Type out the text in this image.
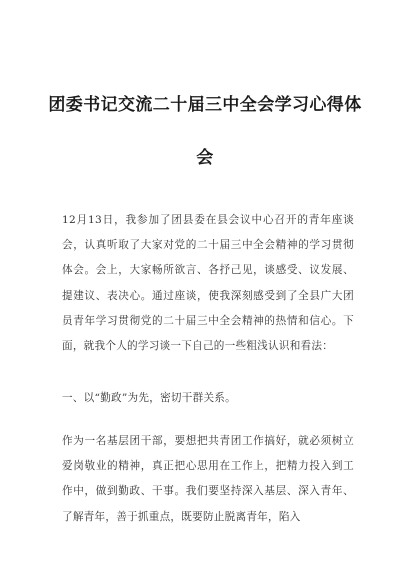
团委书记交流二十届三中全会学习心得体
会

12月13日，我参加了团县委在县会议中心召开的青年座谈会，认真听取了大家对党的二十届三中全会精神的学习贯彻体会。会上，大家畅所欲言、各抒己见，谈感受、议发展、提建议、表决心。通过座谈，使我深刻感受到了全县广大团员青年学习贯彻党的二十届三中全会精神的热情和信心。下面，就我个人的学习谈一下自己的一些粗浅认识和看法：

一、以“勤政”为先，密切干群关系。

作为一名基层团干部，要想把共青团工作搞好，就必须树立爱岗敬业的精神，真正把心思用在工作上，把精力投入到工作中，做到勤政、干事。我们要坚持深入基层、深入青年、了解青年，善于抓重点，既要防止脱离青年，陷入
